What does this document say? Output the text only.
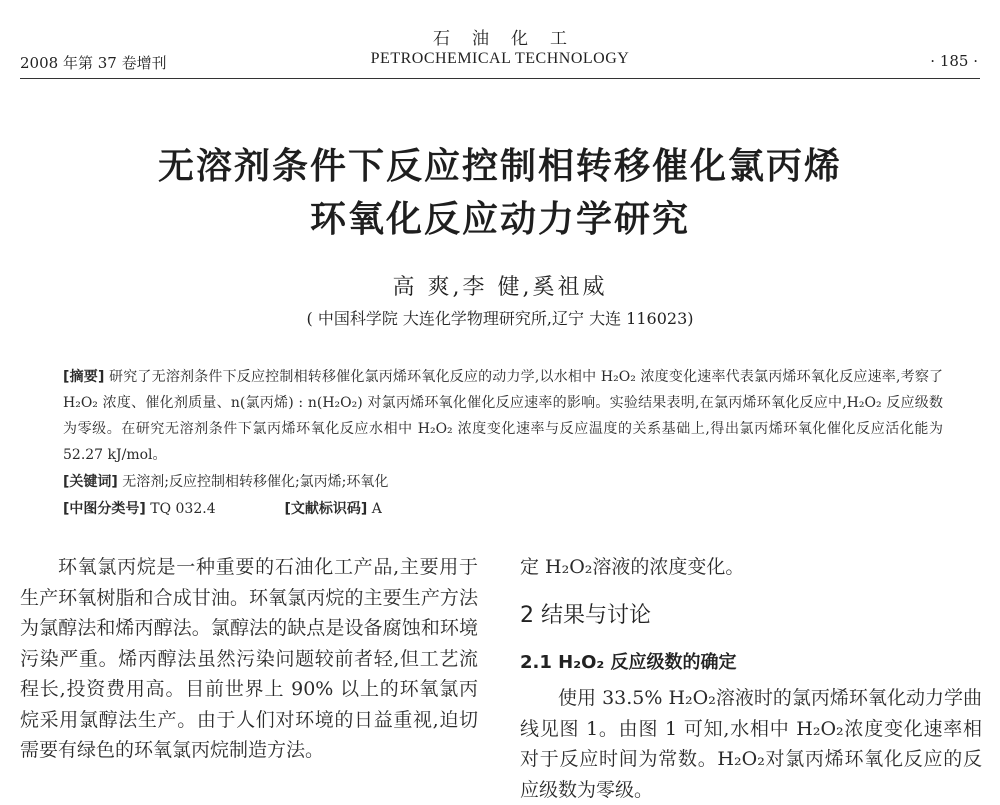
2008 年第 37 卷增刊
石油化工
PETROCHEMICAL TECHNOLOGY	· 185 ·
无溶剂条件下反应控制相转移催化氯丙烯
环氧化反应动力学研究
高 爽,李 健,奚祖威
( 中国科学院 大连化学物理研究所,辽宁 大连 116023)
[摘要] 研究了无溶剂条件下反应控制相转移催化氯丙烯环氧化反应的动力学,以水相中 H₂O₂ 浓度变化速率代表氯丙烯环氧化反应速率,考察了 H₂O₂ 浓度、催化剂质量、n(氯丙烯) : n(H₂O₂) 对氯丙烯环氧化催化反应速率的影响。实验结果表明,在氯丙烯环氧化反应中,H₂O₂ 反应级数为零级。在研究无溶剂条件下氯丙烯环氧化反应水相中 H₂O₂ 浓度变化速率与反应温度的关系基础上,得出氯丙烯环氧化催化反应活化能为 52.27 kJ/mol。
[关键词] 无溶剂;反应控制相转移催化;氯丙烯;环氧化
[中图分类号] TQ 032.4	[文献标识码] A

环氧氯丙烷是一种重要的石油化工产品,主要用于生产环氧树脂和合成甘油。环氧氯丙烷的主要生产方法为氯醇法和烯丙醇法。氯醇法的缺点是设备腐蚀和环境污染严重。烯丙醇法虽然污染问题较前者轻,但工艺流程长,投资费用高。目前世界上 90% 以上的环氧氯丙烷采用氯醇法生产。由于人们对环境的日益重视,迫切需要有绿色的环氧氯丙烷制造方法。

定 H₂O₂溶液的浓度变化。
2 结果与讨论
2.1 H₂O₂ 反应级数的确定

使用 33.5% H₂O₂溶液时的氯丙烯环氧化动力学曲线见图 1。由图 1 可知,水相中 H₂O₂浓度变化速率相对于反应时间为常数。H₂O₂对氯丙烯环氧化反应的反应级数为零级。
